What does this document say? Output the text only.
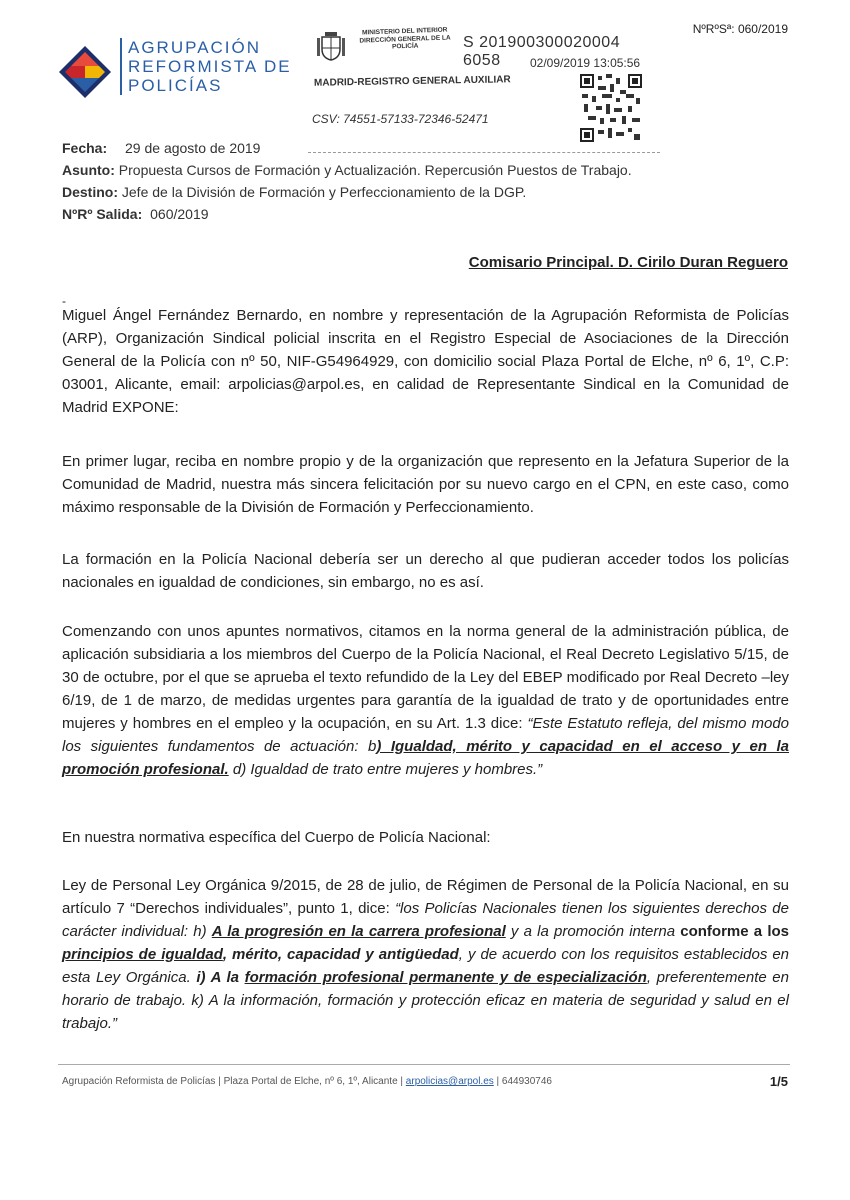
AGRUPACIÓN
REFORMISTA DE
POLICÍAS
MINISTERIO DEL INTERIOR DIRECCIÓN GENERAL DE LA POLICÍA	S 201900300020004 6058	02/09/2019 13:05:56
MADRID-REGISTRO GENERAL AUXILIAR
CSV: 74551-57133-72346-52471
NºRºSª: 060/2019
Fecha: 29 de agosto de 2019
Asunto: Propuesta Cursos de Formación y Actualización. Repercusión Puestos de Trabajo.
Destino: Jefe de la División de Formación y Perfeccionamiento de la DGP.
NºRº Salida: 060/2019
Comisario Principal. D. Cirilo Duran Reguero
-

Miguel Ángel Fernández Bernardo, en nombre y representación de la Agrupación Reformista de Policías (ARP), Organización Sindical policial inscrita en el Registro Especial de Asociaciones de la Dirección General de la Policía con nº 50, NIF-G54964929, con domicilio social Plaza Portal de Elche, nº 6, 1º, C.P: 03001, Alicante, email: arpolicias@arpol.es, en calidad de Representante Sindical en la Comunidad de Madrid EXPONE:

En primer lugar, reciba en nombre propio y de la organización que represento en la Jefatura Superior de la Comunidad de Madrid, nuestra más sincera felicitación por su nuevo cargo en el CPN, en este caso, como máximo responsable de la División de Formación y Perfeccionamiento.

La formación en la Policía Nacional debería ser un derecho al que pudieran acceder todos los policías nacionales en igualdad de condiciones, sin embargo, no es así.

Comenzando con unos apuntes normativos, citamos en la norma general de la administración pública, de aplicación subsidiaria a los miembros del Cuerpo de la Policía Nacional, el Real Decreto Legislativo 5/15, de 30 de octubre, por el que se aprueba el texto refundido de la Ley del EBEP modificado por Real Decreto –ley 6/19, de 1 de marzo, de medidas urgentes para garantía de la igualdad de trato y de oportunidades entre mujeres y hombres en el empleo y la ocupación, en su Art. 1.3 dice: “Este Estatuto refleja, del mismo modo los siguientes fundamentos de actuación: b) Igualdad, mérito y capacidad en el acceso y en la promoción profesional. d) Igualdad de trato entre mujeres y hombres.”

En nuestra normativa específica del Cuerpo de Policía Nacional:

Ley de Personal Ley Orgánica 9/2015, de 28 de julio, de Régimen de Personal de la Policía Nacional, en su artículo 7 “Derechos individuales”, punto 1, dice: “los Policías Nacionales tienen los siguientes derechos de carácter individual: h) A la progresión en la carrera profesional y a la promoción interna conforme a los principios de igualdad, mérito, capacidad y antigüedad, y de acuerdo con los requisitos establecidos en esta Ley Orgánica. i) A la formación profesional permanente y de especialización, preferentemente en horario de trabajo. k) A la información, formación y protección eficaz en materia de seguridad y salud en el trabajo.”

Agrupación Reformista de Policías | Plaza Portal de Elche, nº 6, 1º, Alicante | arpolicias@arpol.es | 644930746	1/5
